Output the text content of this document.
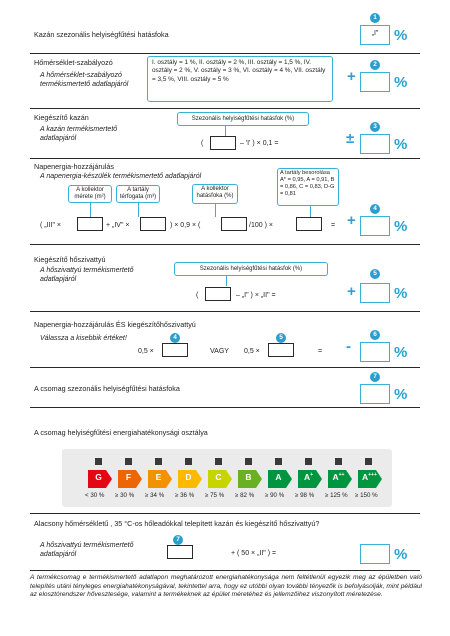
Kazán szezonális helyiségfűtési hatásfoka
1
„I"	%
Hőmérséklet-szabályozó
A hőmérséklet-szabályozó termékismertető adatlapjáról
I. osztály = 1 %, II. osztály = 2 %, III. osztály = 1,5 %, IV. osztály = 2 %, V. osztály = 3 %, VI. osztály = 4 %, VII. osztály = 3,5 %, VIII. osztály = 5 %	+
2
%
Kiegészítő kazán
A kazán termékismertető adatlapjáról
Szezonális helyiségfűtési hatásfok (%)
(	– 'I' ) × 0,1 =	±
3
%
Napenergia-hozzájárulás
A napenergia-készülék termékismertető adatlapjáról
A kollektor mérete (m²)
A tartály térfogata (m³)
A kollektor hatásfoka (%)
A tartály besorolása A* = 0,95, A = 0,91, B = 0,86, C = 0,83, D-G = 0,81
( „III" ×	+ „IV" ×	) × 0,9 × (	/100 ) ×	= +
4
%
Kiegészítő hőszivattyú
A hőszivattyú termékismertető adatlapjáról
Szezonális helyiségfűtési hatásfok (%)
(	– „I" ) × „II" =	+
5
%
Napenergia-hozzájárulás ÉS kiegészítőhőszivattyú
Válassza a kisebbik értéket!
0,5 ×
4
VAGY 0,5 ×
5
= -
6
%
A csomag szezonális helyiségfűtési hatásfoka
7
%
A csomag helyiségfűtési energiahatékonysági osztálya
G
< 30 %
F
≥ 30 %
E
≥ 34 %
D
≥ 36 %
C
≥ 75 %
B
≥ 82 %
A
≥ 90 %
A+
≥ 98 %
A++
≥ 125 %
A+++
≥ 150 %
Alacsony hőmérsékletű , 35 °C-os hőleadókkal telepített kazán és kiegészítő hőszivattyú?
A hőszivattyú termékismertető adatlapjáról
7
+ ( 50 × „II" ) =	%
A termékcsomag e termékismertető adatlapon meghatározott energiahatékonysága nem feltétlenül egyezik meg az épületben való telepítés utáni tényleges energiahatékonyságával, tekintettel arra, hogy ez utóbbi olyan további tényezők is befolyásolják, mint például az elosztórendszer hőveszteségе, valamint a termékeknek az épület méretéhez és jellemzőihez viszonyított méretezése.
